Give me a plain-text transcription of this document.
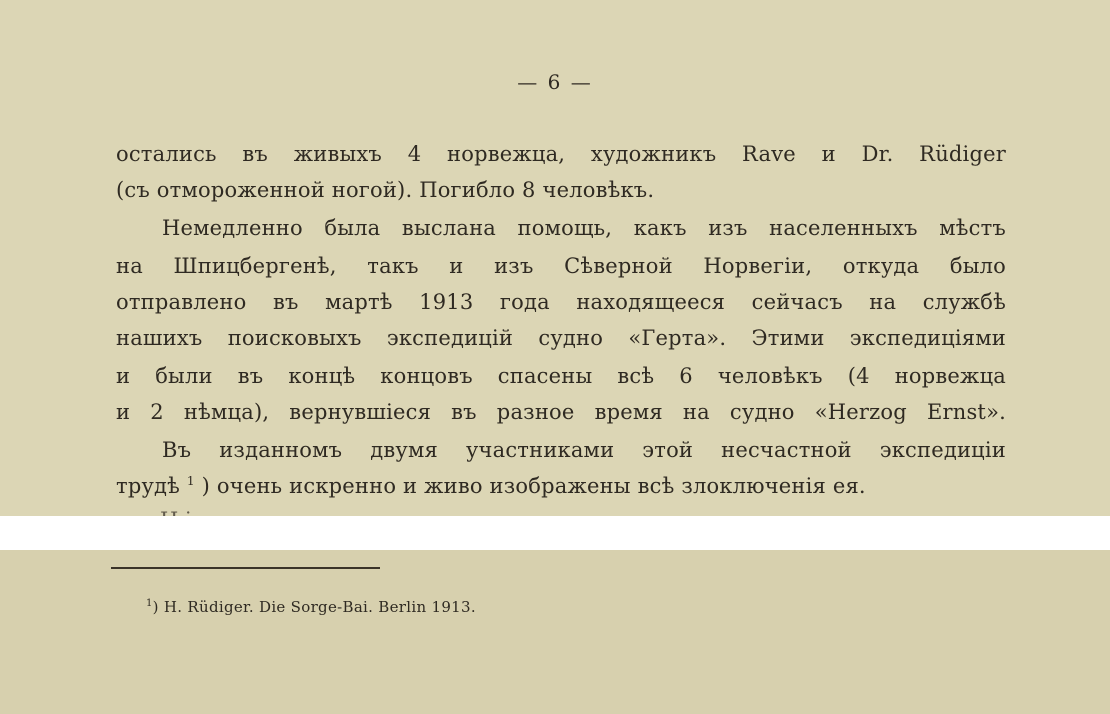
— 6 —
остались въ живыхъ 4 норвежца, художникъ Rave и Dr. Rüdiger
(съ отмороженной ногой). Погибло 8 человѣкъ.
Немедленно была выслана помощь, какъ изъ населенныхъ мѣстъ
на Шпицбергенѣ, такъ и изъ Сѣверной Норвегіи, откуда было
отправлено въ мартѣ 1913 года находящееся сейчасъ на службѣ
нашихъ поисковыхъ экспедицій судно «Герта». Этими экспедиціями
и были въ концѣ концовъ спасены всѣ 6 человѣкъ (4 норвежца
и 2 нѣмца), вернувшіеся въ разное время на судно «Herzog Ernst».
Въ изданномъ двумя участниками этой несчастной экспедиціи
трудѣ $^1$ ) очень искренно и живо изображены всѣ злоключенія ея.
$^1$) H. Rüdiger. Die Sorge-Bai. Berlin 1913.
